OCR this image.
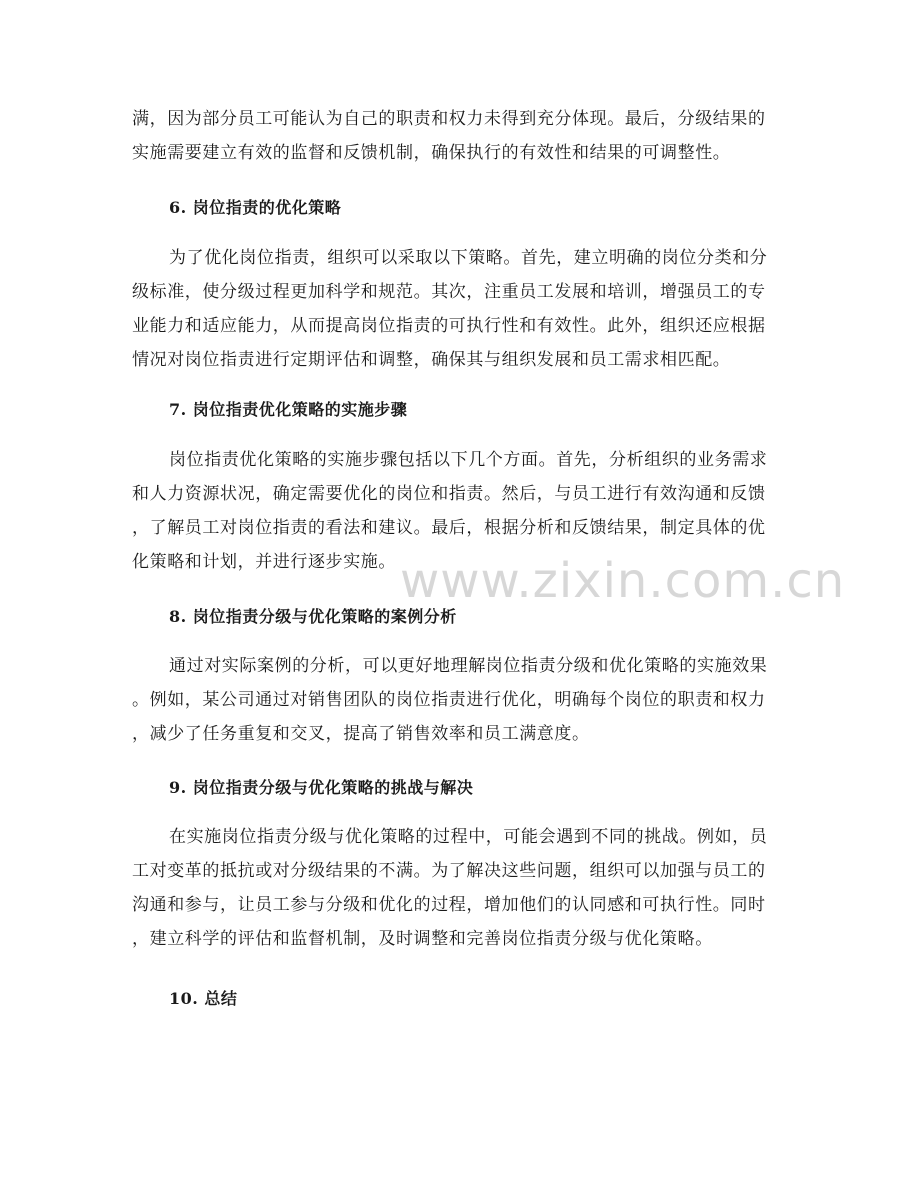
满，因为部分员工可能认为自己的职责和权力未得到充分体现。最后，分级结果的
实施需要建立有效的监督和反馈机制，确保执行的有效性和结果的可调整性。

6. 岗位指责的优化策略

为了优化岗位指责，组织可以采取以下策略。首先，建立明确的岗位分类和分
级标准，使分级过程更加科学和规范。其次，注重员工发展和培训，增强员工的专
业能力和适应能力，从而提高岗位指责的可执行性和有效性。此外，组织还应根据
情况对岗位指责进行定期评估和调整，确保其与组织发展和员工需求相匹配。

7. 岗位指责优化策略的实施步骤

岗位指责优化策略的实施步骤包括以下几个方面。首先，分析组织的业务需求
和人力资源状况，确定需要优化的岗位和指责。然后，与员工进行有效沟通和反馈
，了解员工对岗位指责的看法和建议。最后，根据分析和反馈结果，制定具体的优
化策略和计划，并进行逐步实施。

8. 岗位指责分级与优化策略的案例分析

通过对实际案例的分析，可以更好地理解岗位指责分级和优化策略的实施效果
。例如，某公司通过对销售团队的岗位指责进行优化，明确每个岗位的职责和权力
，减少了任务重复和交叉，提高了销售效率和员工满意度。

9. 岗位指责分级与优化策略的挑战与解决

在实施岗位指责分级与优化策略的过程中，可能会遇到不同的挑战。例如，员
工对变革的抵抗或对分级结果的不满。为了解决这些问题，组织可以加强与员工的
沟通和参与，让员工参与分级和优化的过程，增加他们的认同感和可执行性。同时
，建立科学的评估和监督机制，及时调整和完善岗位指责分级与优化策略。

10. 总结
www.zixin.com.cn
